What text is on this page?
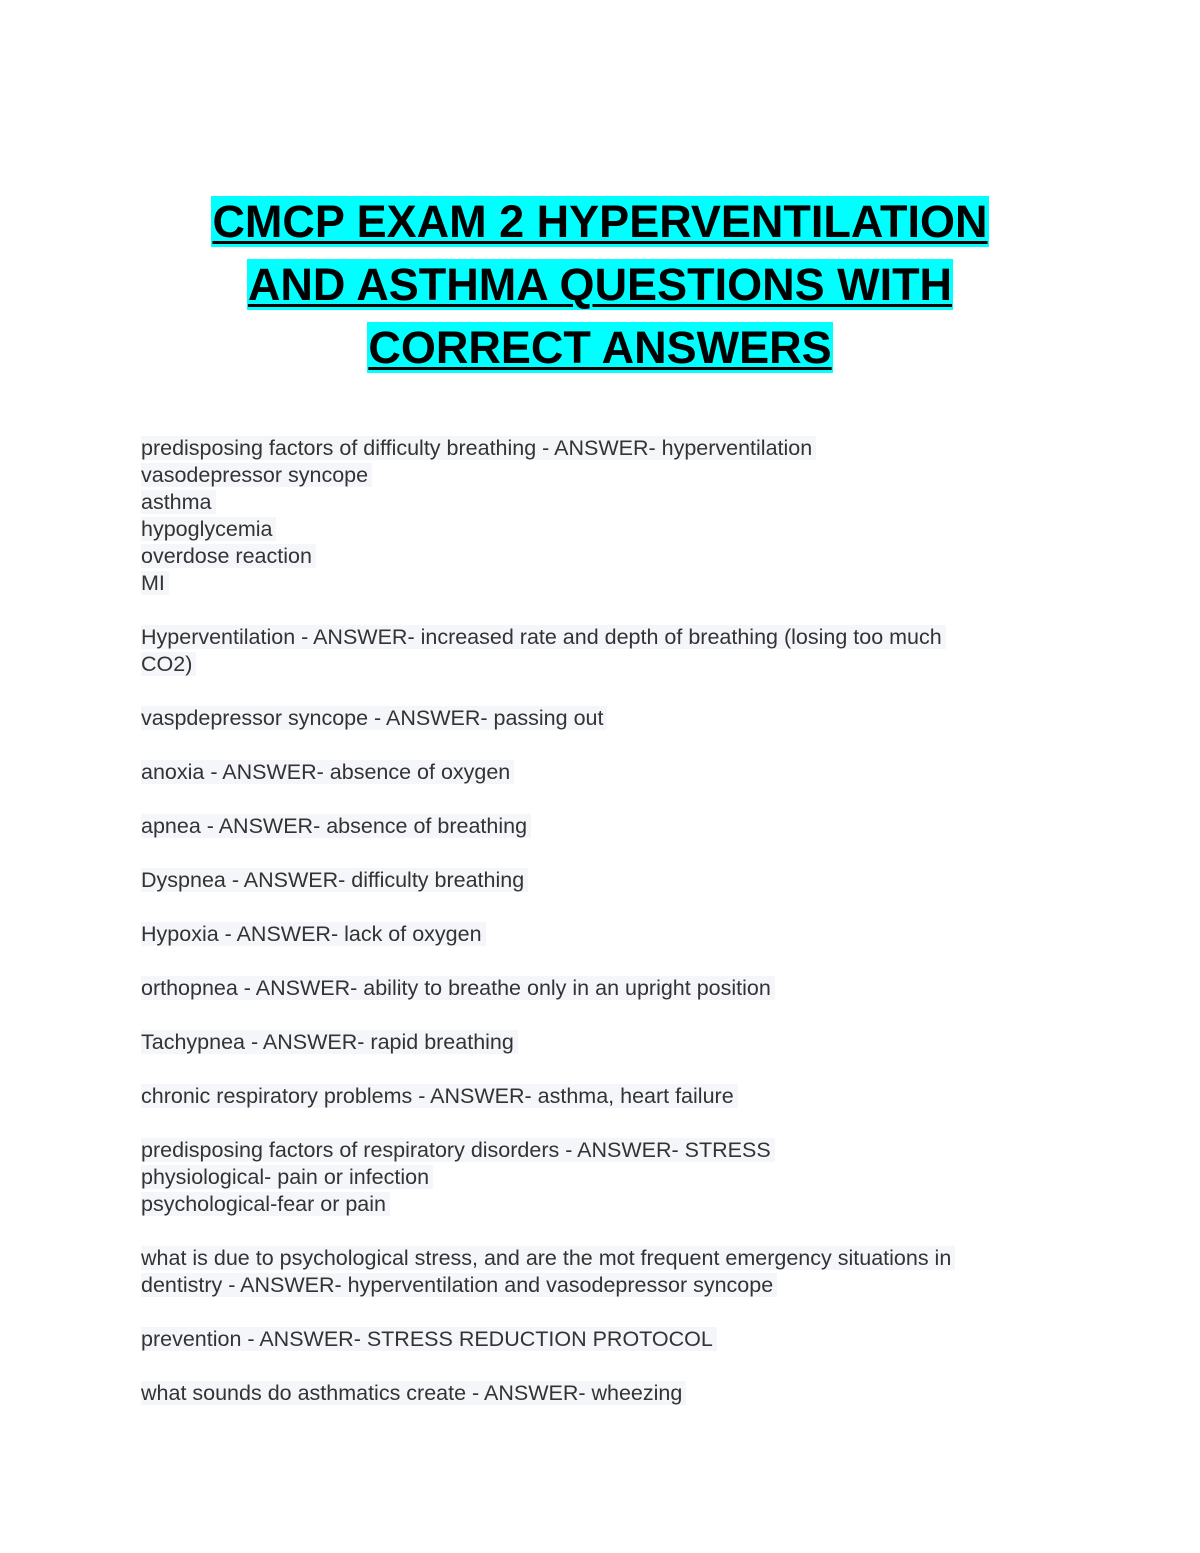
CMCP EXAM 2 HYPERVENTILATION
AND ASTHMA QUESTIONS WITH
CORRECT ANSWERS
predisposing factors of difficulty breathing - ANSWER- hyperventilation
vasodepressor syncope
asthma
hypoglycemia
overdose reaction
MI
Hyperventilation - ANSWER- increased rate and depth of breathing (losing too much
CO2)
vaspdepressor syncope - ANSWER- passing out
anoxia - ANSWER- absence of oxygen
apnea - ANSWER- absence of breathing
Dyspnea - ANSWER- difficulty breathing
Hypoxia - ANSWER- lack of oxygen
orthopnea - ANSWER- ability to breathe only in an upright position
Tachypnea - ANSWER- rapid breathing
chronic respiratory problems - ANSWER- asthma, heart failure
predisposing factors of respiratory disorders - ANSWER- STRESS
physiological- pain or infection
psychological-fear or pain
what is due to psychological stress, and are the mot frequent emergency situations in
dentistry - ANSWER- hyperventilation and vasodepressor syncope
prevention - ANSWER- STRESS REDUCTION PROTOCOL
what sounds do asthmatics create - ANSWER- wheezing
